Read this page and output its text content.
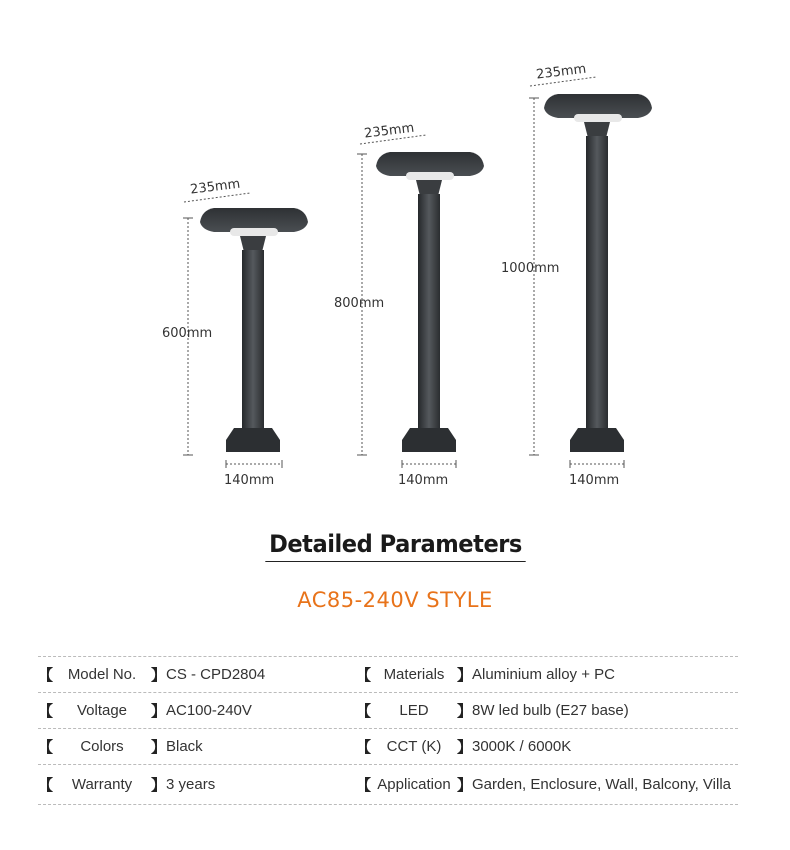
235mm
600mm
140mm
235mm
800mm
140mm
235mm
1000mm
140mm
Detailed Parameters
AC85-240V STYLE
【 Model No. 】 CS - CPD2804	【 Materials 】 Aluminium alloy + PC
【	Voltage	】 AC100-240V	【	LED	】 8W led bulb (E27 base)
【	Colors	】 Black	【	CCT (K)	】 3000K / 6000K
【	Warranty	】 3 years	【 Application 】 Garden, Enclosure, Wall, Balcony, Villa
